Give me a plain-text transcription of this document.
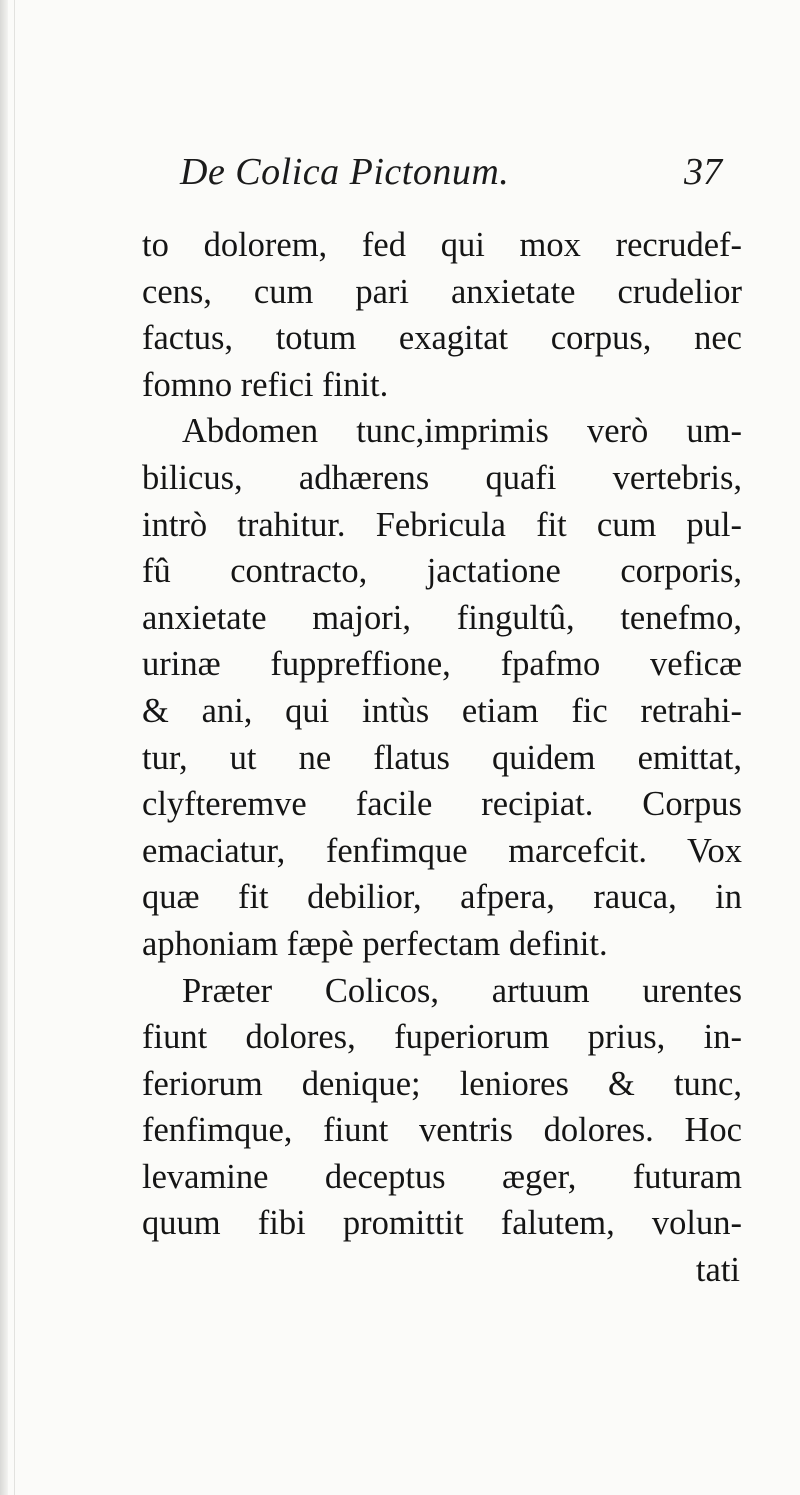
De Colica Pictonum.	37
to dolorem, fed qui mox recrudef-
cens, cum pari anxietate crudelior
factus, totum exagitat corpus, nec
fomno refici finit.
Abdomen tunc,imprimis verò um-
bilicus, adhærens quafi vertebris,
intrò trahitur. Febricula fit cum pul-
fû contracto, jactatione corporis,
anxietate majori, fingultû, tenefmo,
urinæ fuppreffione, fpafmo veficæ
& ani, qui intùs etiam fic retrahi-
tur, ut ne flatus quidem emittat,
clyfteremve facile recipiat. Corpus
emaciatur, fenfimque marcefcit. Vox
quæ fit debilior, afpera, rauca, in
aphoniam fæpè perfectam definit.
Præter Colicos, artuum urentes
fiunt dolores, fuperiorum prius, in-
feriorum denique; leniores & tunc,
fenfimque, fiunt ventris dolores. Hoc
levamine deceptus æger, futuram
quum fibi promittit falutem, volun-
tati
